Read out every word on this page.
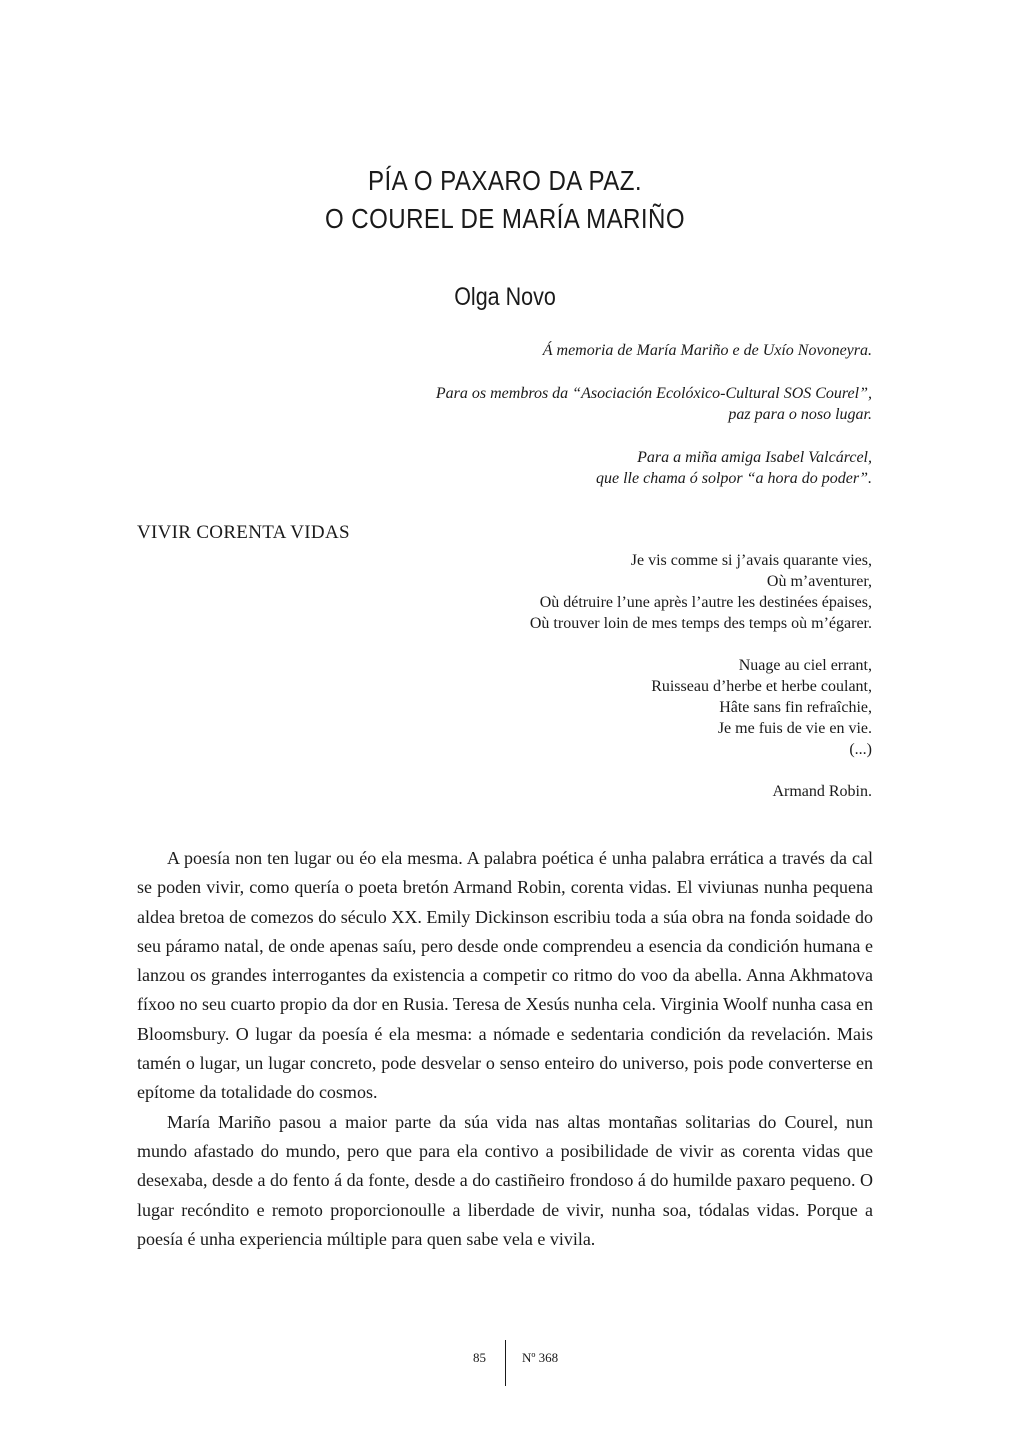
PÍA O PAXARO DA PAZ.
O COUREL DE MARÍA MARIÑO
Olga Novo
Á memoria de María Mariño e de Uxío Novoneyra.
Para os membros da “Asociación Ecolóxico-Cultural SOS Courel”,
paz para o noso lugar.
Para a miña amiga Isabel Valcárcel,
que lle chama ó solpor “a hora do poder”.
VIVIR CORENTA VIDAS
Je vis comme si j’avais quarante vies,
Où m’aventurer,
Où détruire l’une après l’autre les destinées épaises,
Où trouver loin de mes temps des temps où m’égarer.
Nuage au ciel errant,
Ruisseau d’herbe et herbe coulant,
Hâte sans fin refraîchie,
Je me fuis de vie en vie.
(...)
Armand Robin.

A poesía non ten lugar ou éo ela mesma. A palabra poética é unha palabra errática a través da cal se poden vivir, como quería o poeta bretón Armand Robin, corenta vidas. El viviunas nunha pequena aldea bretoa de comezos do século XX. Emily Dickinson escribiu toda a súa obra na fonda soidade do seu páramo natal, de onde apenas saíu, pero desde onde comprendeu a esencia da condición humana e lanzou os grandes interrogantes da existencia a competir co ritmo do voo da abella. Anna Akhmatova fíxoo no seu cuarto propio da dor en Rusia. Teresa de Xesús nunha cela. Virginia Woolf nunha casa en Bloomsbury. O lugar da poesía é ela mesma: a nómade e sedentaria condición da revelación. Mais tamén o lugar, un lugar concreto, pode desvelar o senso enteiro do universo, pois pode converterse en epítome da totalidade do cosmos.

María Mariño pasou a maior parte da súa vida nas altas montañas solitarias do Courel, nun mundo afastado do mundo, pero que para ela contivo a posibilidade de vivir as corenta vidas que desexaba, desde a do fento á da fonte, desde a do castiñeiro frondoso á do humilde paxaro pequeno. O lugar recóndito e remoto proporcionoulle a liberdade de vivir, nunha soa, tódalas vidas. Porque a poesía é unha experiencia múltiple para quen sabe vela e vivila.

85	Nº 368
